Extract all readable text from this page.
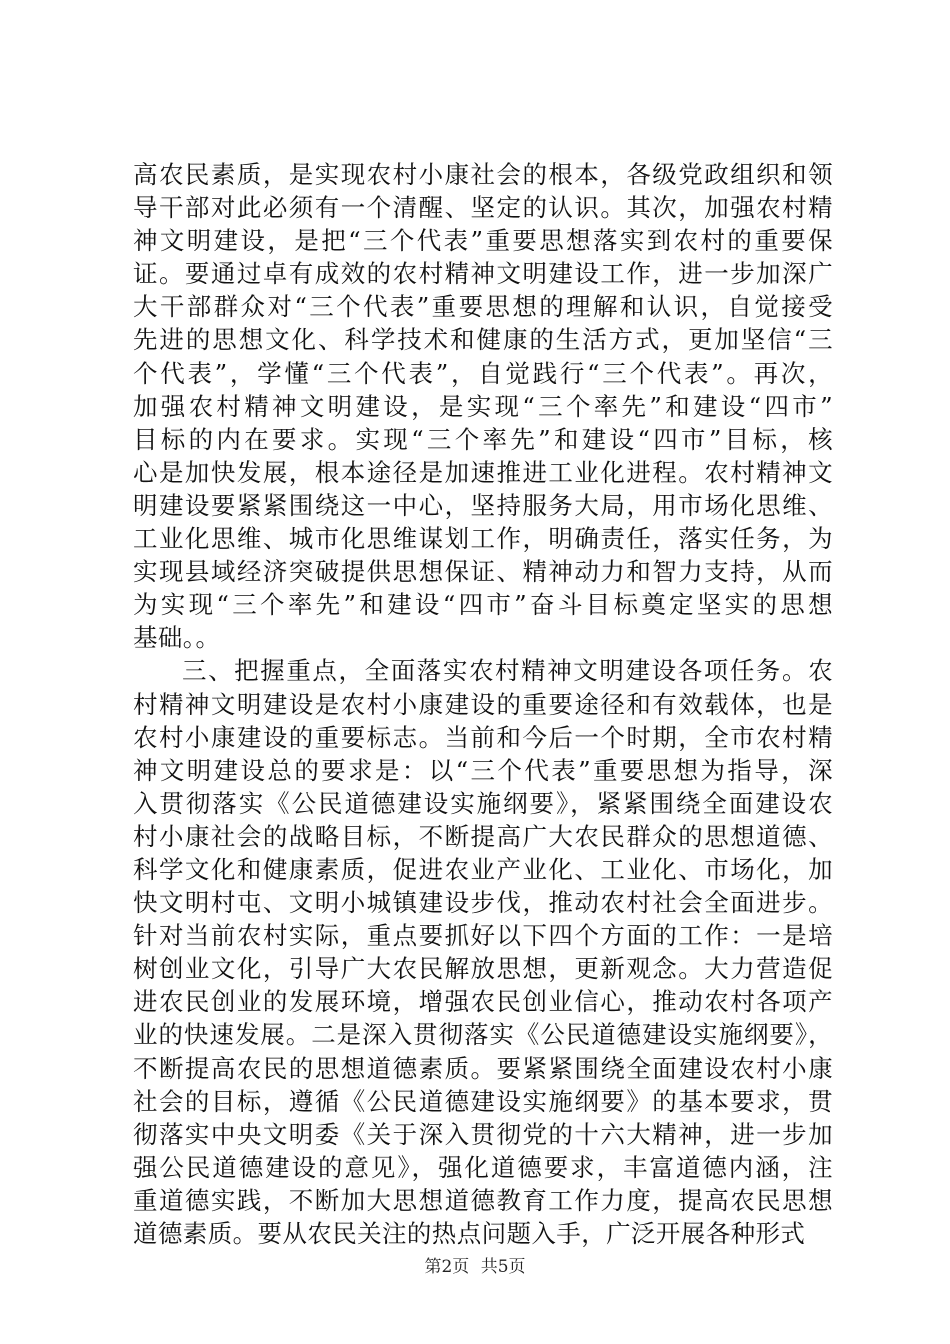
高农民素质，是实现农村小康社会的根本，各级党政组织和领
导干部对此必须有一个清醒、坚定的认识。其次，加强农村精
神文明建设，是把“三个代表”重要思想落实到农村的重要保
证。要通过卓有成效的农村精神文明建设工作，进一步加深广
大干部群众对“三个代表”重要思想的理解和认识，自觉接受
先进的思想文化、科学技术和健康的生活方式，更加坚信“三
个代表”，学懂“三个代表”，自觉践行“三个代表”。再次，
加强农村精神文明建设，是实现“三个率先”和建设“四市”
目标的内在要求。实现“三个率先”和建设“四市”目标，核
心是加快发展，根本途径是加速推进工业化进程。农村精神文
明建设要紧紧围绕这一中心，坚持服务大局，用市场化思维、
工业化思维、城市化思维谋划工作，明确责任，落实任务，为
实现县域经济突破提供思想保证、精神动力和智力支持，从而
为实现“三个率先”和建设“四市”奋斗目标奠定坚实的思想
基础。。
三、把握重点，全面落实农村精神文明建设各项任务。农
村精神文明建设是农村小康建设的重要途径和有效载体，也是
农村小康建设的重要标志。当前和今后一个时期，全市农村精
神文明建设总的要求是：以“三个代表”重要思想为指导，深
入贯彻落实《公民道德建设实施纲要》，紧紧围绕全面建设农
村小康社会的战略目标，不断提高广大农民群众的思想道德、
科学文化和健康素质，促进农业产业化、工业化、市场化，加
快文明村屯、文明小城镇建设步伐，推动农村社会全面进步。
针对当前农村实际，重点要抓好以下四个方面的工作：一是培
树创业文化，引导广大农民解放思想，更新观念。大力营造促
进农民创业的发展环境，增强农民创业信心，推动农村各项产
业的快速发展。二是深入贯彻落实《公民道德建设实施纲要》，
不断提高农民的思想道德素质。要紧紧围绕全面建设农村小康
社会的目标，遵循《公民道德建设实施纲要》的基本要求，贯
彻落实中央文明委《关于深入贯彻党的十六大精神，进一步加
强公民道德建设的意见》，强化道德要求，丰富道德内涵，注
重道德实践，不断加大思想道德教育工作力度，提高农民思想
道德素质。要从农民关注的热点问题入手，广泛开展各种形式
第2页 共5页
